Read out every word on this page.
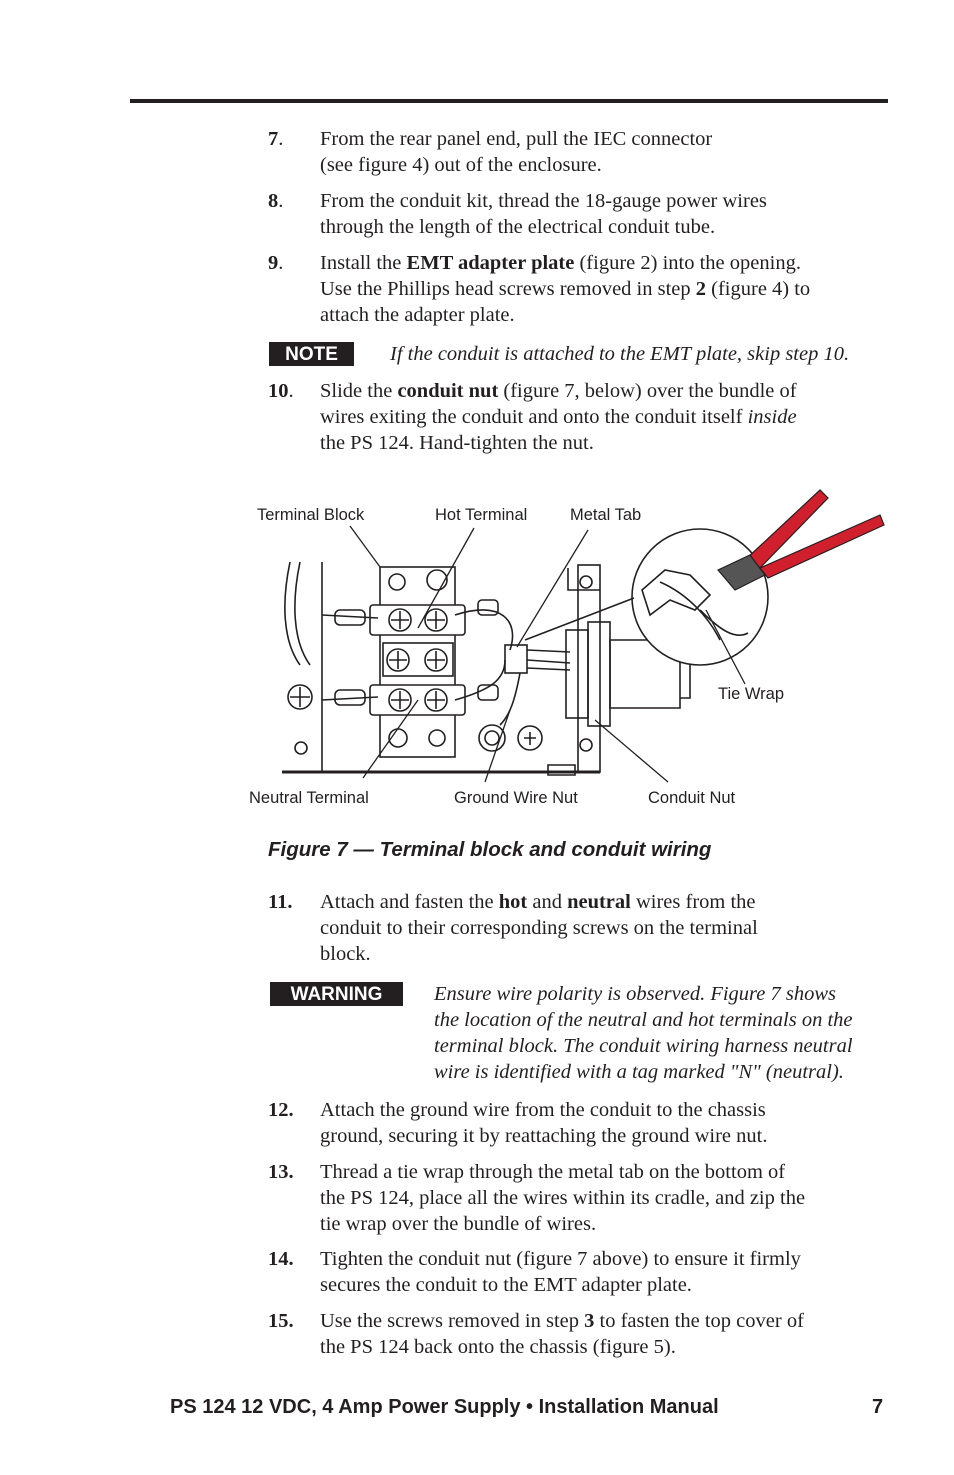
7. From the rear panel end, pull the IEC connector
(see figure 4) out of the enclosure.
8. From the conduit kit, thread the 18-gauge power wires
through the length of the electrical conduit tube.
9. Install the EMT adapter plate (figure 2) into the opening.
Use the Phillips head screws removed in step 2 (figure 4) to
attach the adapter plate.
NOTE	If the conduit is attached to the EMT plate, skip step 10.
10. Slide the conduit nut (figure 7, below) over the bundle of
wires exiting the conduit and onto the conduit itself inside
the PS 124. Hand-tighten the nut.
Terminal Block	Hot Terminal	Metal Tab
Tie Wrap
Neutral Terminal	Ground Wire Nut	Conduit Nut
Figure 7 — Terminal block and conduit wiring
11. Attach and fasten the hot and neutral wires from the
conduit to their corresponding screws on the terminal
block.
WARNING	Ensure wire polarity is observed. Figure 7 shows
the location of the neutral and hot terminals on the
terminal block. The conduit wiring harness neutral
wire is identified with a tag marked "N" (neutral).
12. Attach the ground wire from the conduit to the chassis
ground, securing it by reattaching the ground wire nut.
13. Thread a tie wrap through the metal tab on the bottom of
the PS 124, place all the wires within its cradle, and zip the
tie wrap over the bundle of wires.
14. Tighten the conduit nut (figure 7 above) to ensure it firmly
secures the conduit to the EMT adapter plate.
15. Use the screws removed in step 3 to fasten the top cover of
the PS 124 back onto the chassis (figure 5).
PS 124 12 VDC, 4 Amp Power Supply • Installation Manual	7
